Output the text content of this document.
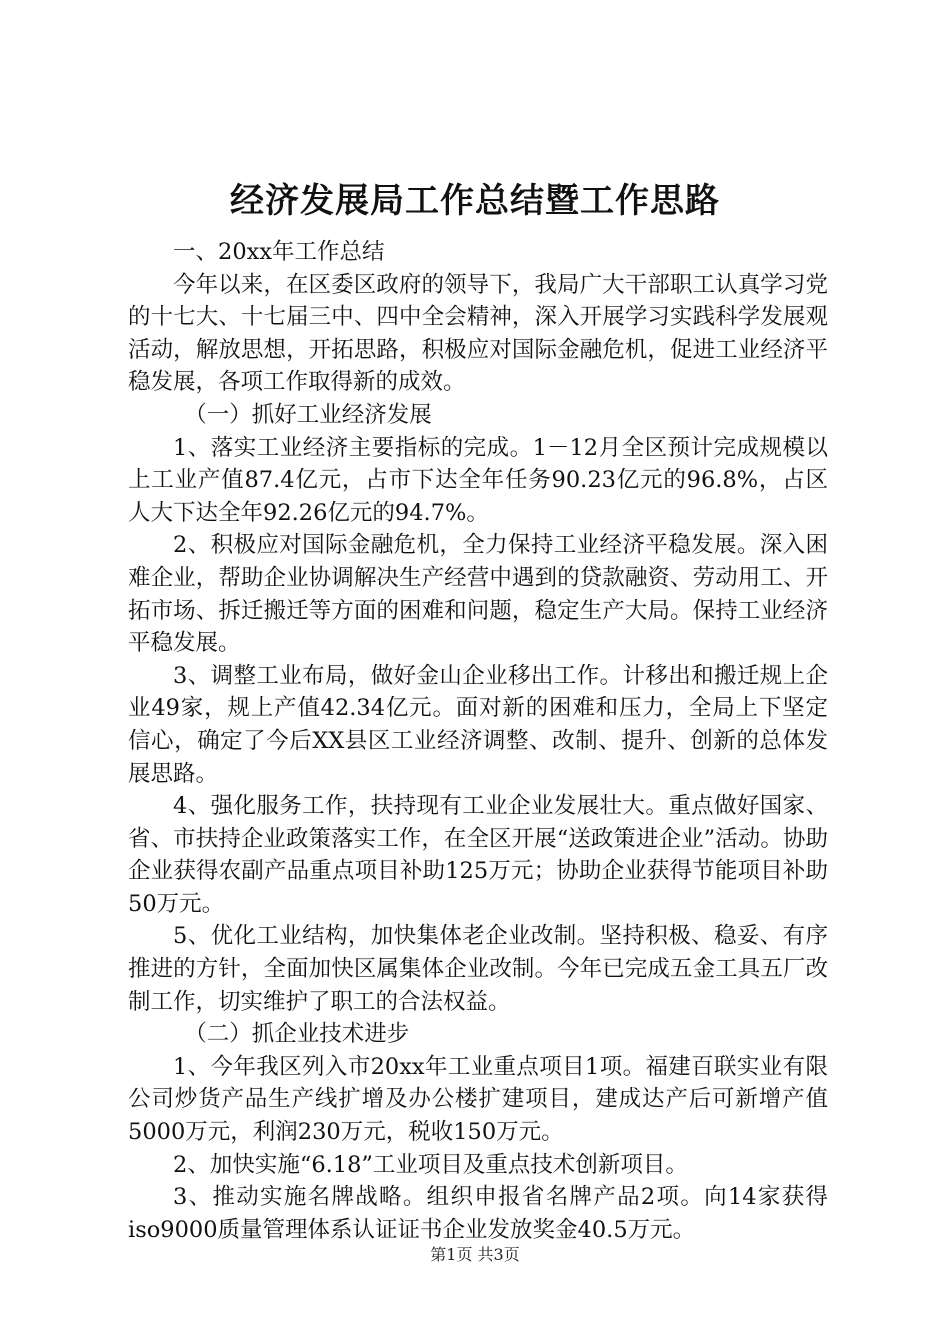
经济发展局工作总结暨工作思路

一、20xx年工作总结

今年以来，在区委区政府的领导下，我局广大干部职工认真学习党的十七大、十七届三中、四中全会精神，深入开展学习实践科学发展观活动，解放思想，开拓思路，积极应对国际金融危机，促进工业经济平稳发展，各项工作取得新的成效。

（一）抓好工业经济发展

1、落实工业经济主要指标的完成。1－12月全区预计完成规模以上工业产值87.4亿元，占市下达全年任务90.23亿元的96.8%，占区人大下达全年92.26亿元的94.7%。

2、积极应对国际金融危机，全力保持工业经济平稳发展。深入困难企业，帮助企业协调解决生产经营中遇到的贷款融资、劳动用工、开拓市场、拆迁搬迁等方面的困难和问题，稳定生产大局。保持工业经济平稳发展。

3、调整工业布局，做好金山企业移出工作。计移出和搬迁规上企业49家，规上产值42.34亿元。面对新的困难和压力，全局上下坚定信心，确定了今后XX县区工业经济调整、改制、提升、创新的总体发展思路。

4、强化服务工作，扶持现有工业企业发展壮大。重点做好国家、省、市扶持企业政策落实工作，在全区开展“送政策进企业”活动。协助企业获得农副产品重点项目补助125万元；协助企业获得节能项目补助50万元。

5、优化工业结构，加快集体老企业改制。坚持积极、稳妥、有序推进的方针，全面加快区属集体企业改制。今年已完成五金工具五厂改制工作，切实维护了职工的合法权益。

（二）抓企业技术进步

1、今年我区列入市20xx年工业重点项目1项。福建百联实业有限公司炒货产品生产线扩增及办公楼扩建项目，建成达产后可新增产值5000万元，利润230万元，税收150万元。

2、加快实施“6.18”工业项目及重点技术创新项目。

3、推动实施名牌战略。组织申报省名牌产品2项。向14家获得iso9000质量管理体系认证证书企业发放奖金40.5万元。

第1页 共3页
